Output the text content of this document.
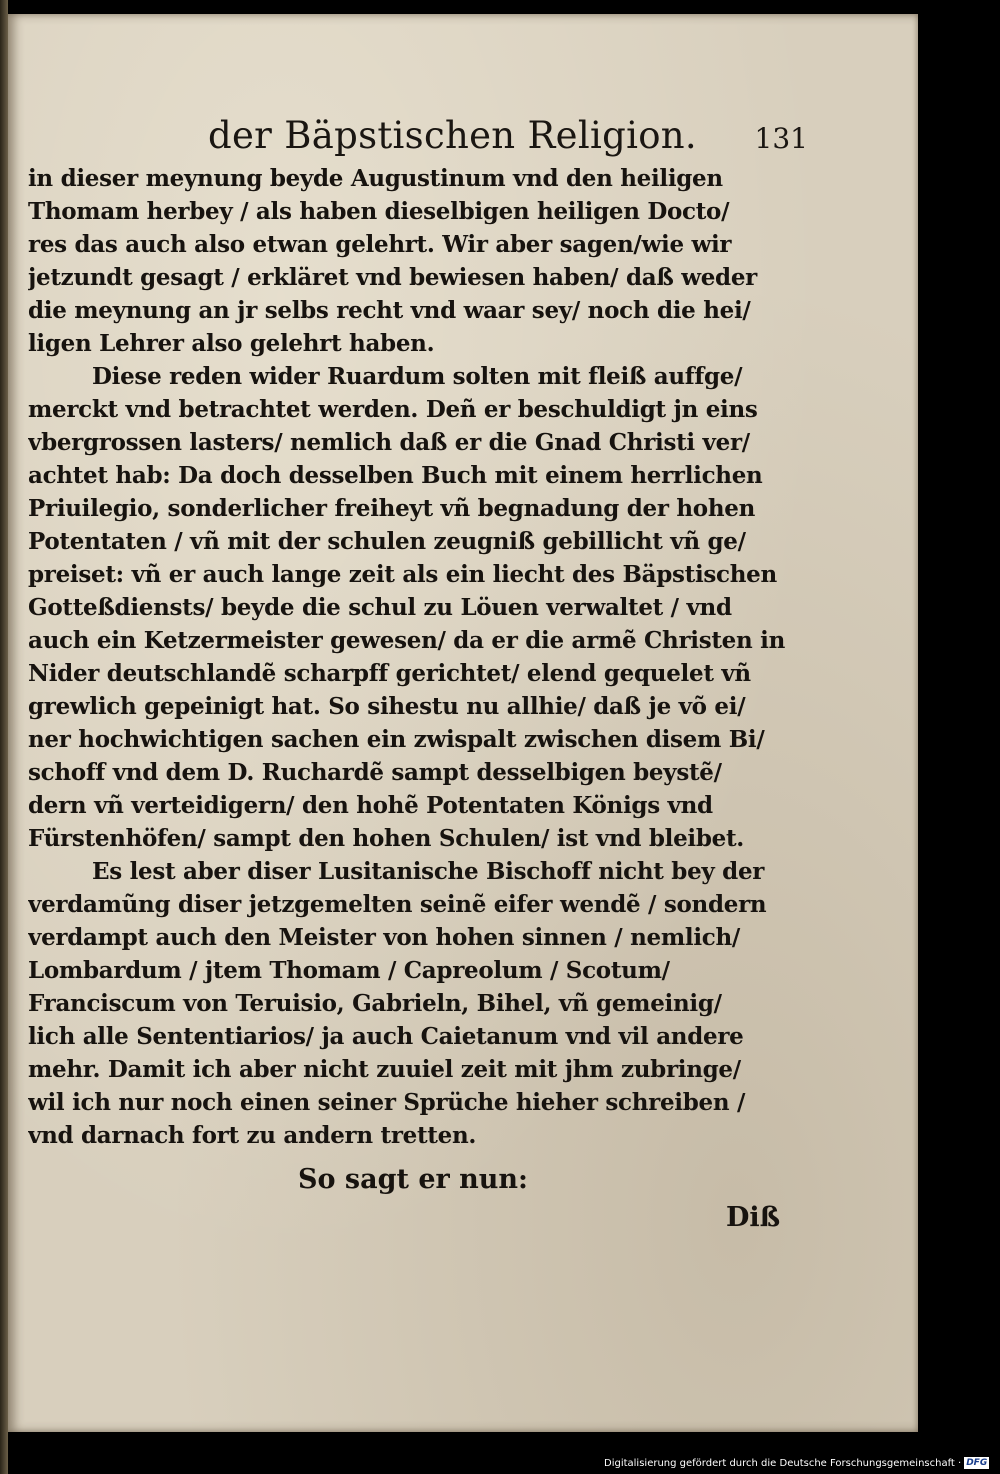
der Bäpstischen Religion.	131
in dieser meynung beyde Augustinum vnd den heiligen
Thomam herbey / als haben dieselbigen heiligen Docto/
res das auch also etwan gelehrt. Wir aber sagen/wie wir
jetzundt gesagt / erkläret vnd bewiesen haben/ daß weder
die meynung an jr selbs recht vnd waar sey/ noch die hei/
ligen Lehrer also gelehrt haben.
Diese reden wider Ruardum solten mit fleiß auffge/
merckt vnd betrachtet werden. Deñ er beschuldigt jn eins
vbergrossen lasters/ nemlich daß er die Gnad Christi ver/
achtet hab: Da doch desselben Buch mit einem herrlichen
Priuilegio, sonderlicher freiheyt vñ begnadung der hohen
Potentaten / vñ mit der schulen zeugniß gebillicht vñ ge/
preiset: vñ er auch lange zeit als ein liecht des Bäpstischen
Gotteßdiensts/ beyde die schul zu Löuen verwaltet / vnd
auch ein Ketzermeister gewesen/ da er die armẽ Christen in
Nider deutschlandẽ scharpff gerichtet/ elend gequelet vñ
grewlich gepeinigt hat. So sihestu nu allhie/ daß je võ ei/
ner hochwichtigen sachen ein zwispalt zwischen disem Bi/
schoff vnd dem D. Ruchardẽ sampt desselbigen beystẽ/
dern vñ verteidigern/ den hohẽ Potentaten Königs vnd
Fürstenhöfen/ sampt den hohen Schulen/ ist vnd bleibet.
Es lest aber diser Lusitanische Bischoff nicht bey der
verdamũng diser jetzgemelten seinẽ eifer wendẽ / sondern
verdampt auch den Meister von hohen sinnen / nemlich/
Lombardum / jtem Thomam / Capreolum / Scotum/
Franciscum von Teruisio, Gabrieln, Bihel, vñ gemeinig/
lich alle Sententiarios/ ja auch Caietanum vnd vil andere
mehr. Damit ich aber nicht zuuiel zeit mit jhm zubringe/
wil ich nur noch einen seiner Sprüche hieher schreiben /
vnd darnach fort zu andern tretten.
So sagt er nun:
Diß
Digitalisierung gefördert durch die Deutsche Forschungsgemeinschaft · DFG
